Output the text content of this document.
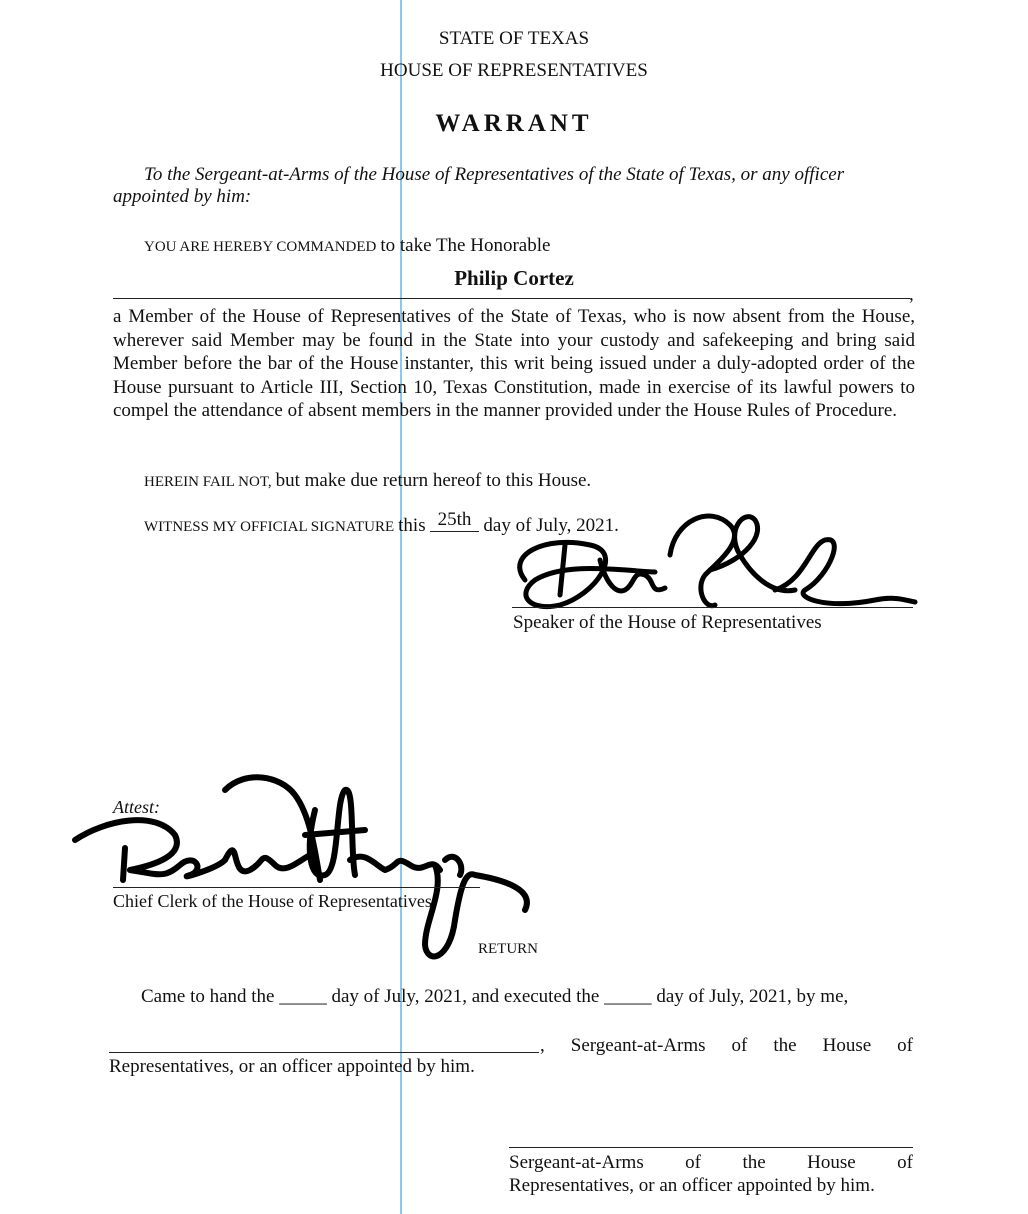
STATE OF TEXAS
HOUSE OF REPRESENTATIVES
WARRANT
To the Sergeant-at-Arms of the House of Representatives of the State of Texas, or any officer
appointed by him:
YOU ARE HEREBY COMMANDED to take The Honorable
Philip Cortez
,
a Member of the House of Representatives of the State of Texas, who is now absent from the House, wherever said Member may be found in the State into your custody and safekeeping and bring said Member before the bar of the House instanter, this writ being issued under a duly-adopted order of the House pursuant to Article III, Section 10, Texas Constitution, made in exercise of its lawful powers to compel the attendance of absent members in the manner provided under the House Rules of Procedure.
HEREIN FAIL NOT, but make due return hereof to this House.
WITNESS MY OFFICIAL SIGNATURE this 25th day of July, 2021.
Speaker of the House of Representatives
Attest:
Chief Clerk of the House of Representatives
RETURN
Came to hand the _____ day of July, 2021, and executed the _____ day of July, 2021, by me,
, Sergeant-at-Arms of the House of
Representatives, or an officer appointed by him.
Sergeant-at-Arms of the House of
Representatives, or an officer appointed by him.
